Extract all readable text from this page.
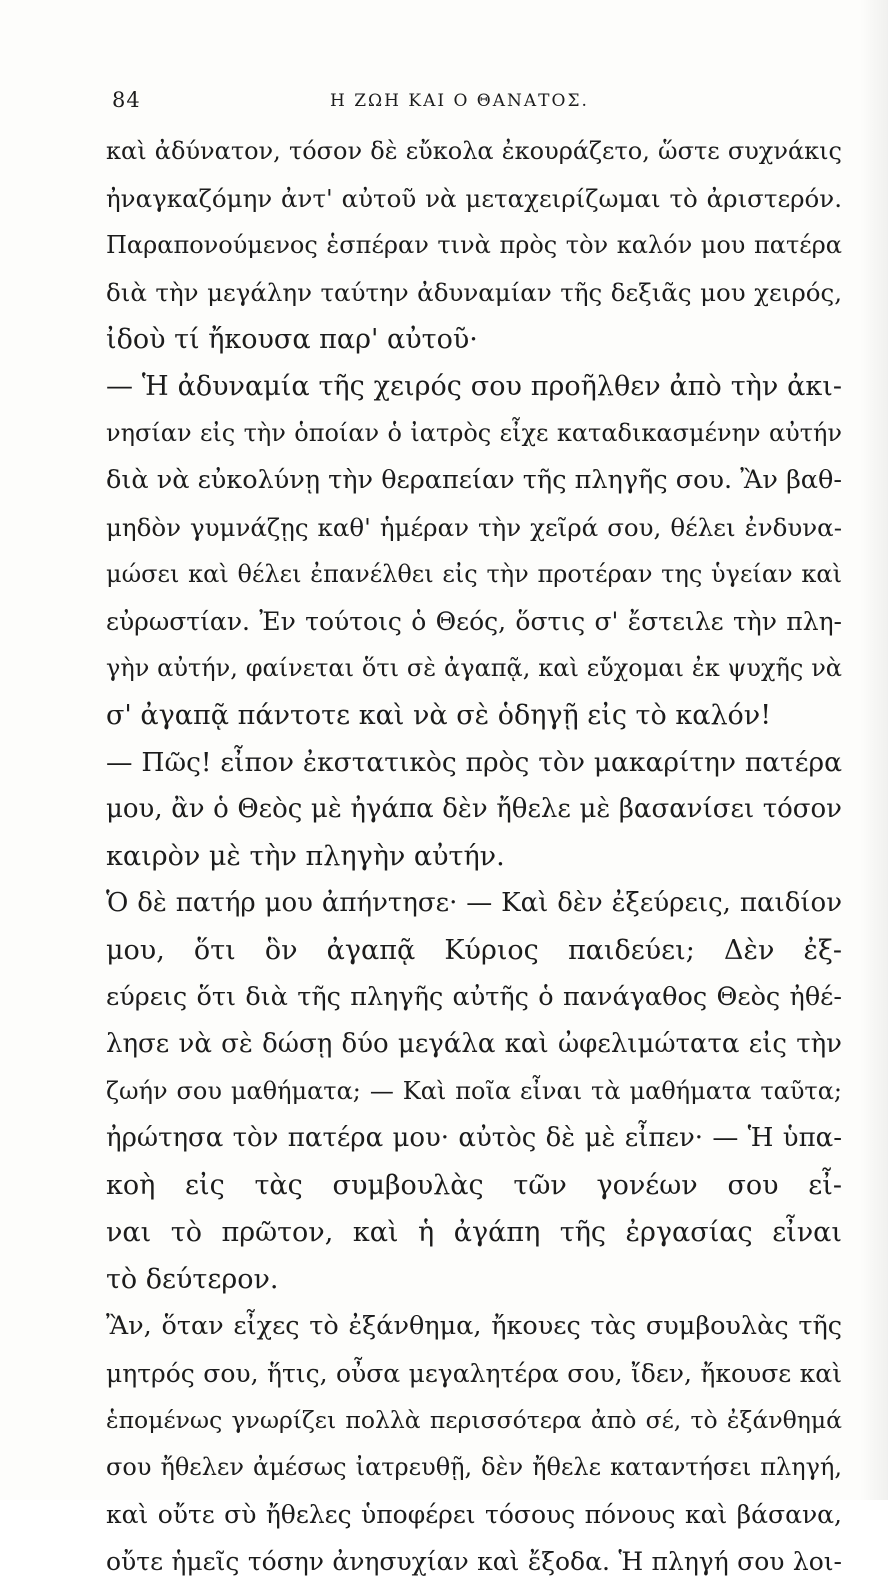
84	Η ΖΩΗ ΚΑΙ Ο ΘΑΝΑΤΟΣ.
καὶ ἀδύνατον, τόσον δὲ εὔκολα ἐκουράζετο, ὥστε συχνάκις
ἠναγκαζόμην ἀντ' αὐτοῦ νὰ μεταχειρίζωμαι τὸ ἀριστερόν.
Παραπονούμενος ἑσπέραν τινὰ πρὸς τὸν καλόν μου πατέρα
διὰ τὴν μεγάλην ταύτην ἀδυναμίαν τῆς δεξιᾶς μου χειρός,
ἰδοὺ τί ἤκουσα παρ' αὐτοῦ·
— Ἡ ἀδυναμία τῆς χειρός σου προῆλθεν ἀπὸ τὴν ἀκι-
νησίαν εἰς τὴν ὁποίαν ὁ ἰατρὸς εἶχε καταδικασμένην αὐτήν
διὰ νὰ εὐκολύνῃ τὴν θεραπείαν τῆς πληγῆς σου. Ἂν βαθ-
μηδὸν γυμνάζῃς καθ' ἡμέραν τὴν χεῖρά σου, θέλει ἐνδυνα-
μώσει καὶ θέλει ἐπανέλθει εἰς τὴν προτέραν της ὑγείαν καὶ
εὐρωστίαν. Ἐν τούτοις ὁ Θεός, ὅστις σ' ἔστειλε τὴν πλη-
γὴν αὐτήν, φαίνεται ὅτι σὲ ἀγαπᾷ, καὶ εὔχομαι ἐκ ψυχῆς νὰ
σ' ἀγαπᾷ πάντοτε καὶ νὰ σὲ ὁδηγῇ εἰς τὸ καλόν!
— Πῶς! εἶπον ἐκστατικὸς πρὸς τὸν μακαρίτην πατέρα
μου, ἂν ὁ Θεὸς μὲ ἠγάπα δὲν ἤθελε μὲ βασανίσει τόσον
καιρὸν μὲ τὴν πληγὴν αὐτήν.
Ὁ δὲ πατήρ μου ἀπήντησε· — Καὶ δὲν ἐξεύρεις, παιδίον
μου, ὅτι ὃν ἀγαπᾷ Κύριος παιδεύει; Δὲν ἐξ-
εύρεις ὅτι διὰ τῆς πληγῆς αὐτῆς ὁ πανάγαθος Θεὸς ἠθέ-
λησε νὰ σὲ δώσῃ δύο μεγάλα καὶ ὠφελιμώτατα εἰς τὴν
ζωήν σου μαθήματα; — Καὶ ποῖα εἶναι τὰ μαθήματα ταῦτα;
ἠρώτησα τὸν πατέρα μου· αὐτὸς δὲ μὲ εἶπεν· — Ἡ ὑπα-
κοὴ εἰς τὰς συμβουλὰς τῶν γονέων σου εἶ-
ναι τὸ πρῶτον, καὶ ἡ ἀγάπη τῆς ἐργασίας εἶναι
τὸ δεύτερον.
Ἂν, ὅταν εἶχες τὸ ἐξάνθημα, ἤκουες τὰς συμβουλὰς τῆς
μητρός σου, ἥτις, οὖσα μεγαλητέρα σου, ἴδεν, ἤκουσε καὶ
ἑπομένως γνωρίζει πολλὰ περισσότερα ἀπὸ σέ, τὸ ἐξάνθημά
σου ἤθελεν ἀμέσως ἰατρευθῇ, δὲν ἤθελε καταντήσει πληγή,
καὶ οὔτε σὺ ἤθελες ὑποφέρει τόσους πόνους καὶ βάσανα,
οὔτε ἡμεῖς τόσην ἀνησυχίαν καὶ ἔξοδα. Ἡ πληγή σου λοι-
